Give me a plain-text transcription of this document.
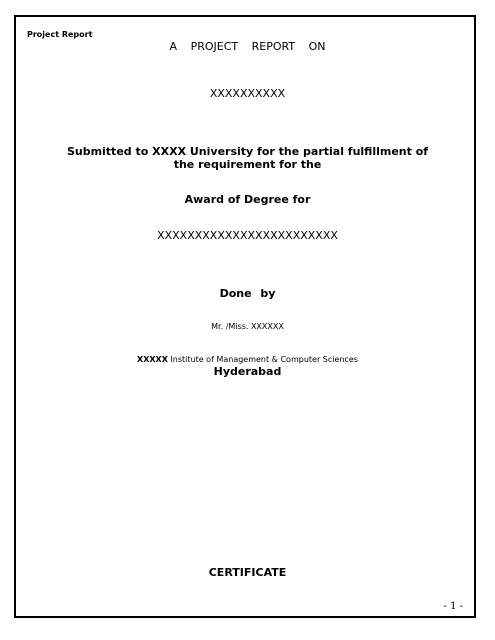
Project Report
A PROJECT REPORT ON
XXXXXXXXXX
Submitted to XXXX University for the partial fulfillment of the requirement for the
Award of Degree for
XXXXXXXXXXXXXXXXXXXXXXXX
Done by
Mr. /Miss. XXXXXX
XXXXX Institute of Management & Computer Sciences
Hyderabad
CERTIFICATE
- 1 -
